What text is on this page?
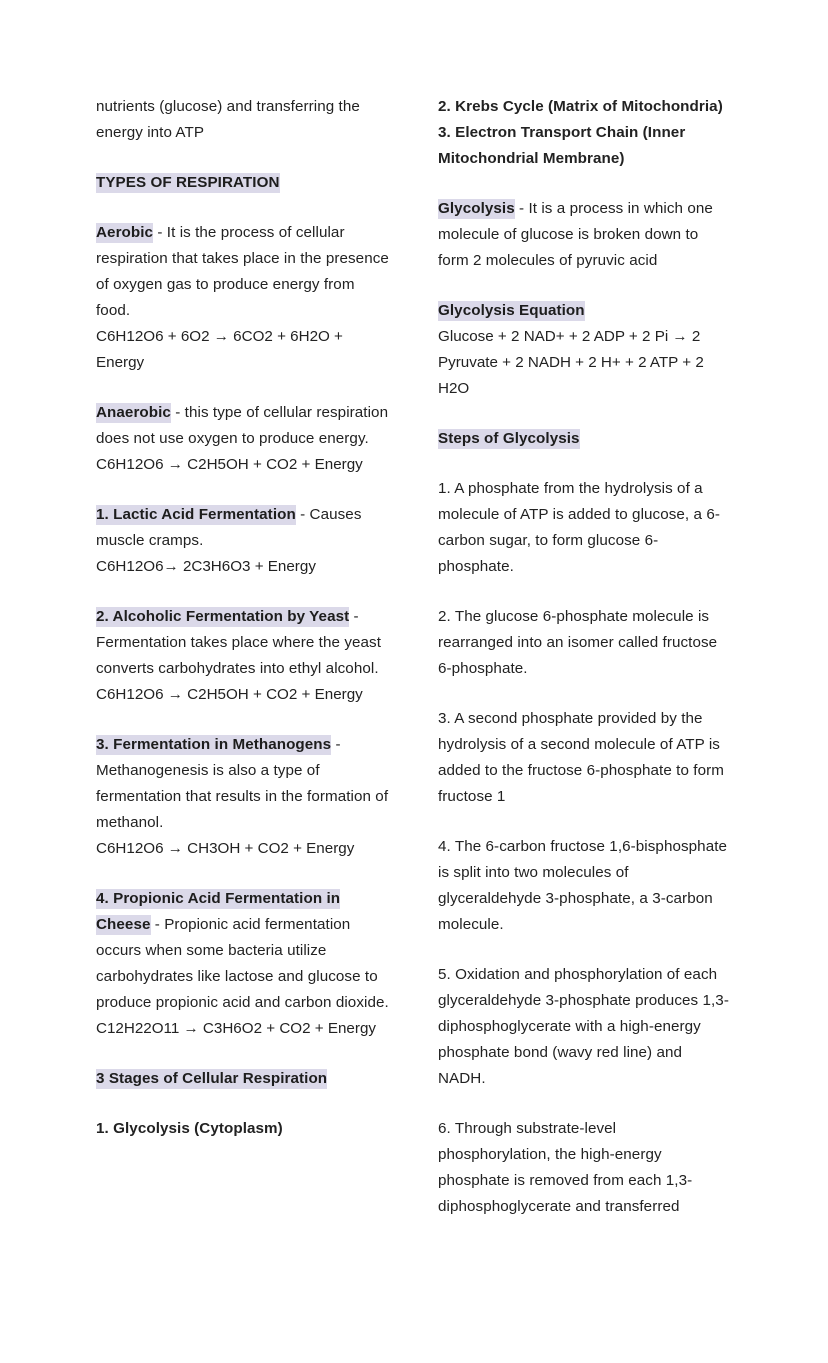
nutrients (glucose) and transferring the energy into ATP

TYPES OF RESPIRATION

Aerobic - It is the process of cellular respiration that takes place in the presence of oxygen gas to produce energy from food.

C6H12O6 + 6O2 → 6CO2 + 6H2O + Energy

Anaerobic - this type of cellular respiration does not use oxygen to produce energy.

C6H12O6 → C2H5OH + CO2 + Energy

1. Lactic Acid Fermentation - Causes muscle cramps.

C6H12O6→ 2C3H6O3 + Energy

2. Alcoholic Fermentation by Yeast - Fermentation takes place where the yeast converts carbohydrates into ethyl alcohol.

C6H12O6 → C2H5OH + CO2 + Energy

3. Fermentation in Methanogens - Methanogenesis is also a type of fermentation that results in the formation of methanol.

C6H12O6 → CH3OH + CO2 + Energy

4. Propionic Acid Fermentation in Cheese - Propionic acid fermentation occurs when some bacteria utilize carbohydrates like lactose and glucose to produce propionic acid and carbon dioxide.

C12H22O11 → C3H6O2 + CO2 + Energy

3 Stages of Cellular Respiration

1. Glycolysis (Cytoplasm)

2. Krebs Cycle (Matrix of Mitochondria)

3. Electron Transport Chain (Inner Mitochondrial Membrane)

Glycolysis - It is a process in which one molecule of glucose is broken down to form 2 molecules of pyruvic acid

Glycolysis Equation

Glucose + 2 NAD+ + 2 ADP + 2 Pi → 2 Pyruvate + 2 NADH + 2 H+ + 2 ATP + 2 H2O

Steps of Glycolysis

1. A phosphate from the hydrolysis of a molecule of ATP is added to glucose, a 6-carbon sugar, to form glucose 6-phosphate.

2. The glucose 6-phosphate molecule is rearranged into an isomer called fructose 6-phosphate.

3. A second phosphate provided by the hydrolysis of a second molecule of ATP is added to the fructose 6-phosphate to form fructose 1

4. The 6-carbon fructose 1,6-bisphosphate is split into two molecules of glyceraldehyde 3-phosphate, a 3-carbon molecule.

5. Oxidation and phosphorylation of each glyceraldehyde 3-phosphate produces 1,3-diphosphoglycerate with a high-energy phosphate bond (wavy red line) and NADH.

6. Through substrate-level phosphorylation, the high-energy phosphate is removed from each 1,3-diphosphoglycerate and transferred
